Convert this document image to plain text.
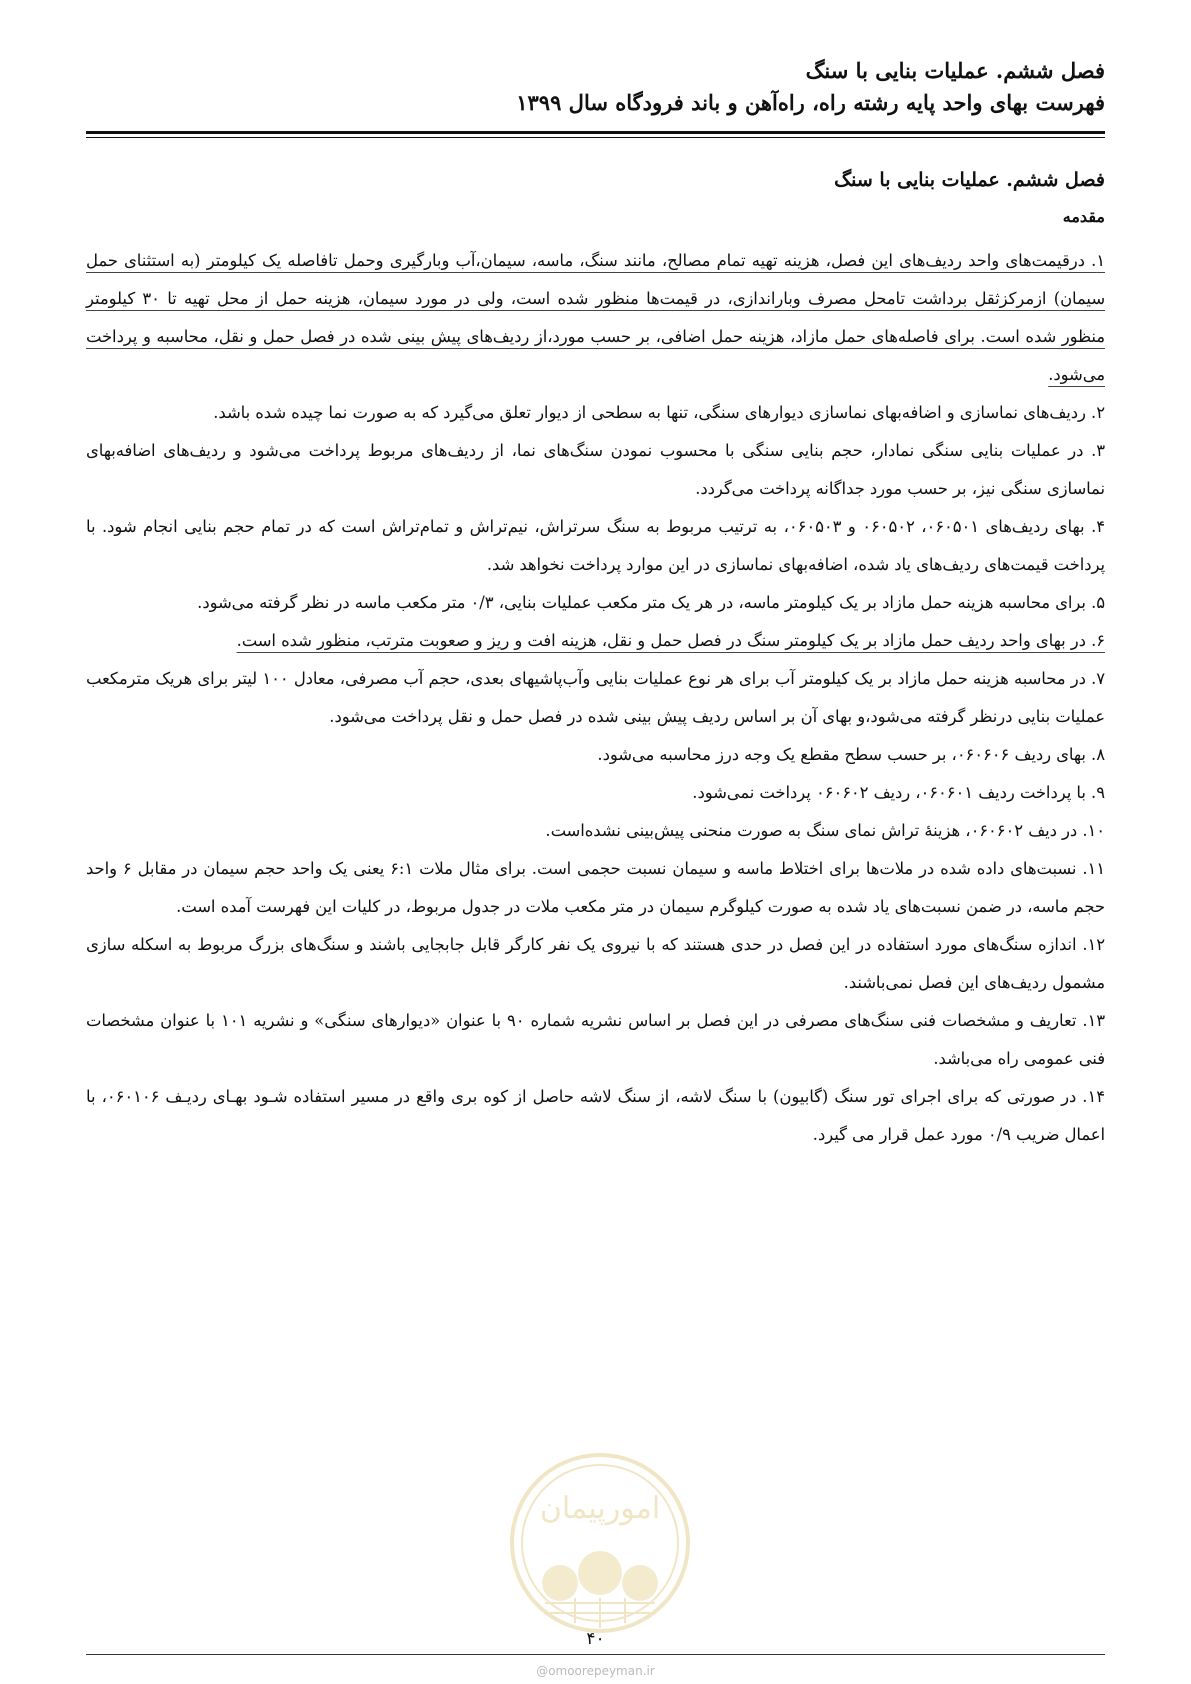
فصل ششم. عملیات بنایی با سنگ
فهرست بهای واحد پایه رشته راه، راه‌آهن و باند فرودگاه سال ۱۳۹۹
فصل ششم. عملیات بنایی با سنگ
مقدمه

۱. درقیمت‌های واحد ردیف‌های این فصل، هزینه تهیه تمام مصالح، مانند سنگ، ماسه، سیمان،آب وبارگیری وحمل تافاصله یک کیلومتر (به استثنای حمل سیمان) ازمرکزثقل برداشت تامحل مصرف وباراندازی، در قیمت‌ها منظور شده است، ولی در مورد سیمان، هزینه حمل از محل تهیه تا ۳۰ کیلومتر منظور شده است. برای فاصله‌های حمل مازاد، هزینه حمل اضافی، بر حسب مورد،از ردیف‌های پیش بینی شده در فصل حمل و نقل، محاسبه و پرداخت می‌شود.

۲. ردیف‌های نماسازی و اضافه‌بهای نماسازی دیوارهای سنگی، تنها به سطحی از دیوار تعلق می‌گیرد که به صورت نما چیده شده باشد.

۳. در عملیات بنایی سنگی نمادار، حجم بنایی سنگی با محسوب نمودن سنگ‌های نما، از ردیف‌های مربوط پرداخت می‌شود و ردیف‌های اضافه‌بهای نماسازی سنگی نیز، بر حسب مورد جداگانه پرداخت می‌گردد.

۴. بهای ردیف‌های ۰۶۰۵۰۱، ۰۶۰۵۰۲ و ۰۶۰۵۰۳، به ترتیب مربوط به سنگ سرتراش، نیم‌تراش و تمام‌تراش است که در تمام حجم بنایی انجام شود. با پرداخت قیمت‌های ردیف‌های یاد شده، اضافه‌بهای نماسازی در این موارد پرداخت نخواهد شد.

۵. برای محاسبه هزینه حمل مازاد بر یک کیلومتر ماسه، در هر یک متر مکعب عملیات بنایی، ۰/۳ متر مکعب ماسه در نظر گرفته می‌شود.

۶. در بهای واحد ردیف حمل مازاد بر یک کیلومتر سنگ در فصل حمل و نقل، هزینه افت و ریز و صعوبت مترتب، منظور شده است.

۷. در محاسبه هزینه حمل مازاد بر یک کیلومتر آب برای هر نوع عملیات بنایی وآب‌پاشیهای بعدی، حجم آب مصرفی، معادل ۱۰۰ لیتر برای هریک مترمکعب عملیات بنایی درنظر گرفته می‌شود،و بهای آن بر اساس ردیف پیش بینی شده در فصل حمل و نقل پرداخت می‌شود.

۸. بهای ردیف ۰۶۰۶۰۶، بر حسب سطح مقطع یک وجه درز محاسبه می‌شود.

۹. با پرداخت ردیف ۰۶۰۶۰۱، ردیف ۰۶۰۶۰۲ پرداخت نمی‌شود.

۱۰. در دیف ۰۶۰۶۰۲، هزینهٔ تراش نمای سنگ به صورت منحنی پیش‌بینی نشده‌است.

۱۱. نسبت‌های داده شده در ملات‌ها برای اختلاط ماسه و سیمان نسبت حجمی است. برای مثال ملات ۶:۱ یعنی یک واحد حجم سیمان در مقابل ۶ واحد حجم ماسه، در ضمن نسبت‌های یاد شده به صورت کیلوگرم سیمان در متر مکعب ملات در جدول مربوط، در کلیات این فهرست آمده است.

۱۲. اندازه سنگ‌های مورد استفاده در این فصل در حدی هستند که با نیروی یک نفر کارگر قابل جابجایی باشند و سنگ‌های بزرگ مربوط به اسکله سازی مشمول ردیف‌های این فصل نمی‌باشند.

۱۳. تعاریف و مشخصات فنی سنگ‌های مصرفی در این فصل بر اساس نشریه شماره ۹۰ با عنوان «دیوارهای سنگی» و نشریه ۱۰۱ با عنوان مشخصات فنی عمومی راه می‌باشد.

۱۴. در صورتی که برای اجرای تور سنگ (گابیون) با سنگ لاشه، از سنگ لاشه حاصل از کوه بری واقع در مسیر استفاده شـود بهـای ردیـف ۰۶۰۱۰۶، با اعمال ضریب ۰/۹ مورد عمل قرار می گیرد.

امورپیمان
۴۰
@omoorepeyman.ir
